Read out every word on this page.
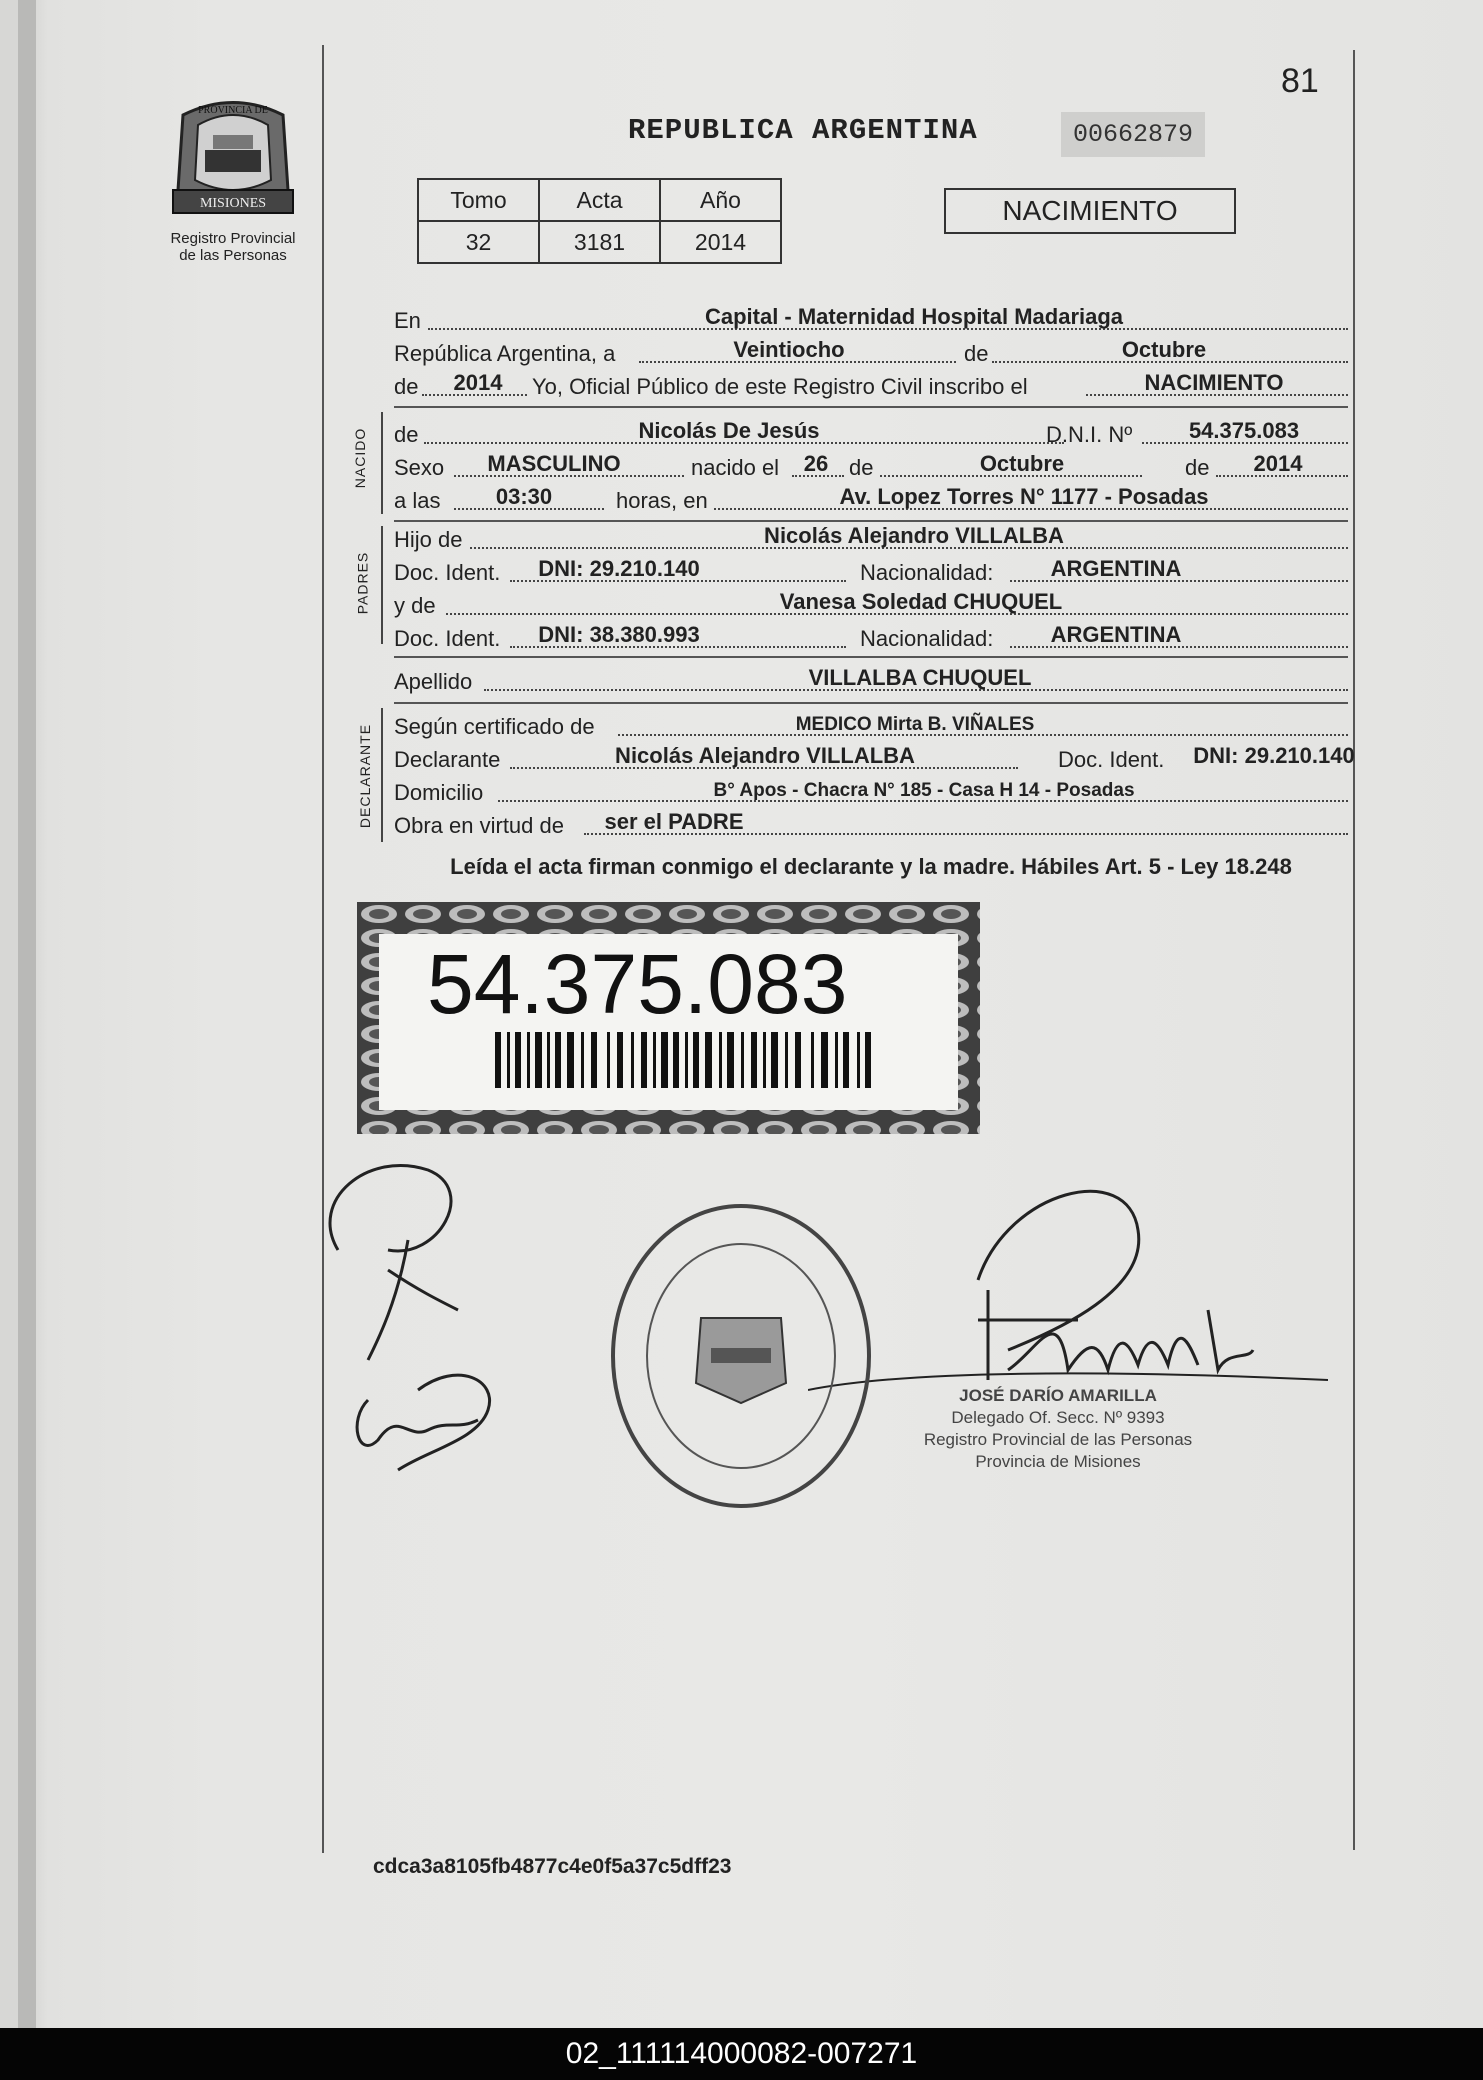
MISIONES
PROVINCIA DE
Registro Provincial
de las Personas
81
REPUBLICA ARGENTINA	00662879
Tomo	Acta	Año
32	3181	2014
NACIMIENTO
En	Capital - Maternidad Hospital Madariaga
República Argentina, a	Veintiocho	de	Octubre
de 2014 Yo, Oficial Público de este Registro Civil inscribo el	NACIMIENTO
NACIDO de	Nicolás De Jesús	D.N.I. Nº	54.375.083
Sexo MASCULINO	nacido el 26 de	Octubre	de 2014
a las	03:30	horas, en	Av. Lopez Torres N° 1177 - Posadas
PADRES
Hijo de	Nicolás Alejandro VILLALBA
Doc. Ident. DNI: 29.210.140	Nacionalidad:	ARGENTINA
y de	Vanesa Soledad CHUQUEL
Doc. Ident. DNI: 38.380.993	Nacionalidad:	ARGENTINA
Apellido	VILLALBA CHUQUEL
DECLARANTE Según certificado de	MEDICO Mirta B. VIÑALES
Declarante	Nicolás Alejandro VILLALBA	Doc. Ident. DNI: 29.210.140
Domicilio	B° Apos - Chacra N° 185 - Casa H 14 - Posadas
Obra en virtud de ser el PADRE
Leída el acta firman conmigo el declarante y la madre. Hábiles Art. 5 - Ley 18.248
54.375.083
JOSÉ DARÍO AMARILLA
Delegado Of. Secc. Nº 9393
Registro Provincial de las Personas
Provincia de Misiones
cdca3a8105fb4877c4e0f5a37c5dff23
02_111114000082-007271
